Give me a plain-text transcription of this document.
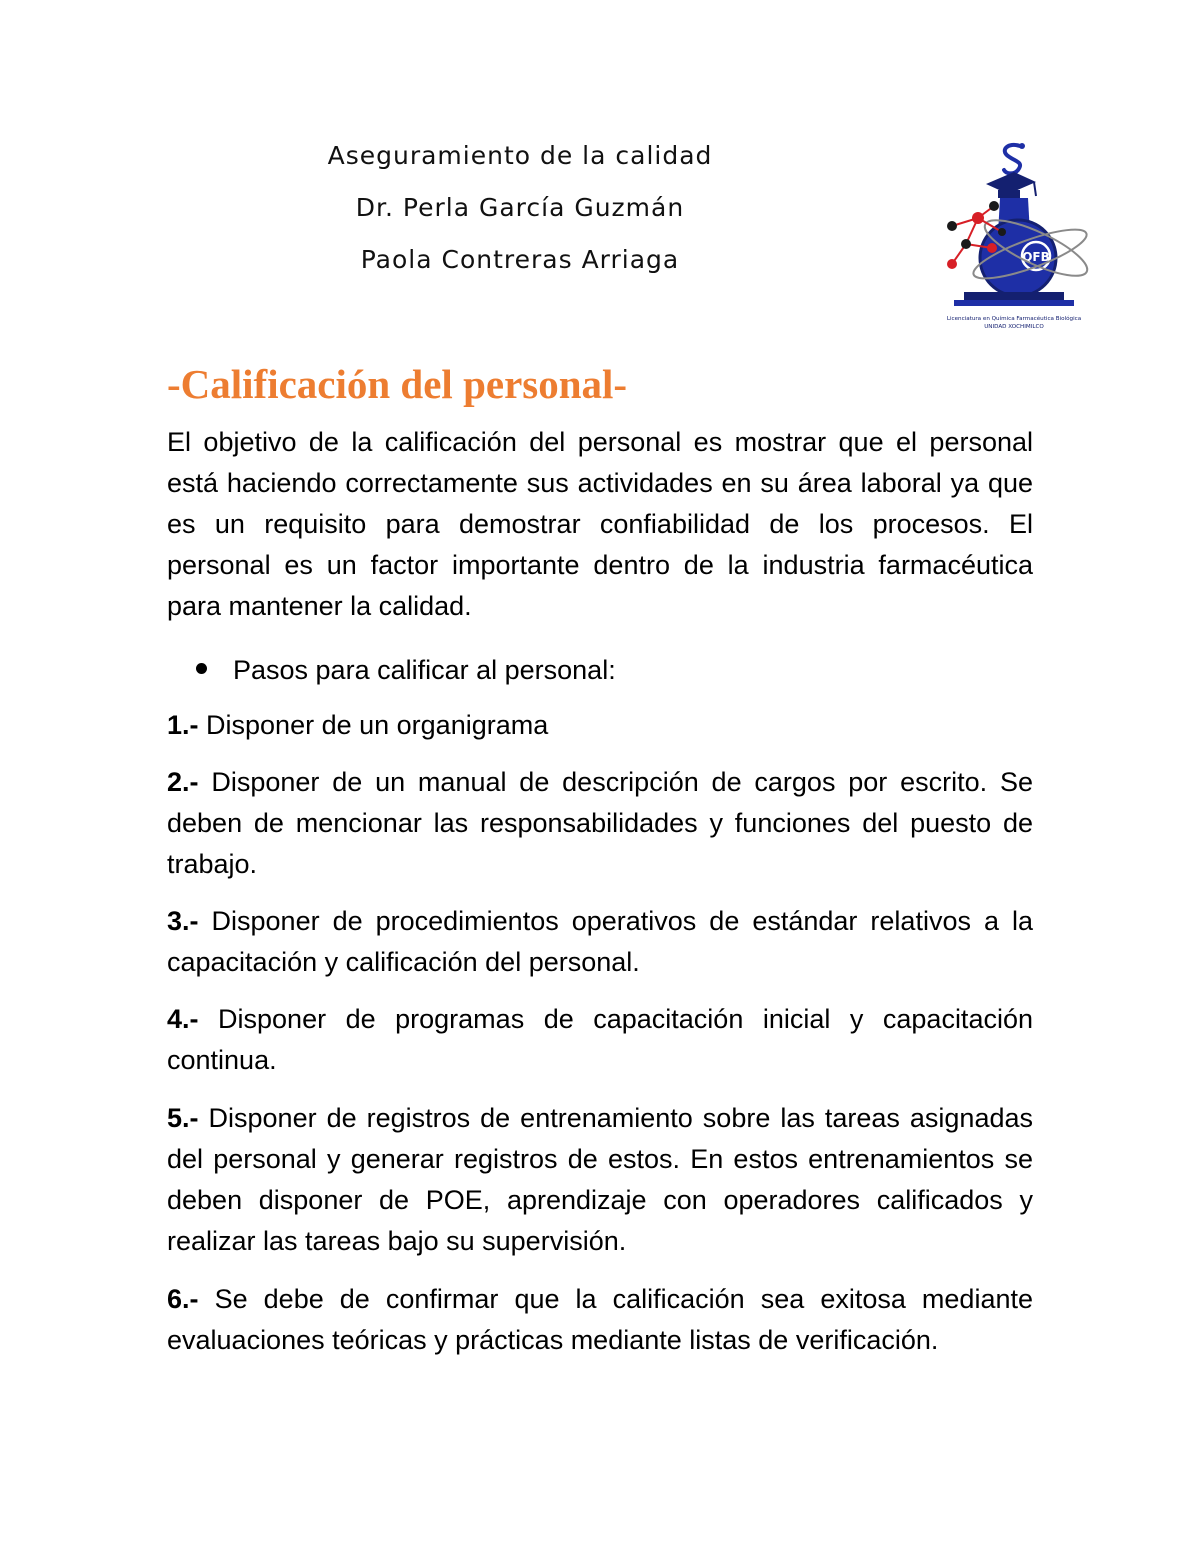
Aseguramiento de la calidad
Dr. Perla García Guzmán
Paola Contreras Arriaga	QFB
Licenciatura en Química Farmacéutica Biológica
UNIDAD XOCHIMILCO
-Calificación del personal-

El objetivo de la calificación del personal es mostrar que el personal está haciendo correctamente sus actividades en su área laboral ya que es un requisito para demostrar confiabilidad de los procesos. El personal es un factor importante dentro de la industria farmacéutica para mantener la calidad.

Pasos para calificar al personal:

1.- Disponer de un organigrama

2.- Disponer de un manual de descripción de cargos por escrito. Se deben de mencionar las responsabilidades y funciones del puesto de trabajo.

3.- Disponer de procedimientos operativos de estándar relativos a la capacitación y calificación del personal.

4.- Disponer de programas de capacitación inicial y capacitación continua.

5.- Disponer de registros de entrenamiento sobre las tareas asignadas del personal y generar registros de estos. En estos entrenamientos se deben disponer de POE, aprendizaje con operadores calificados y realizar las tareas bajo su supervisión.

6.- Se debe de confirmar que la calificación sea exitosa mediante evaluaciones teóricas y prácticas mediante listas de verificación.
